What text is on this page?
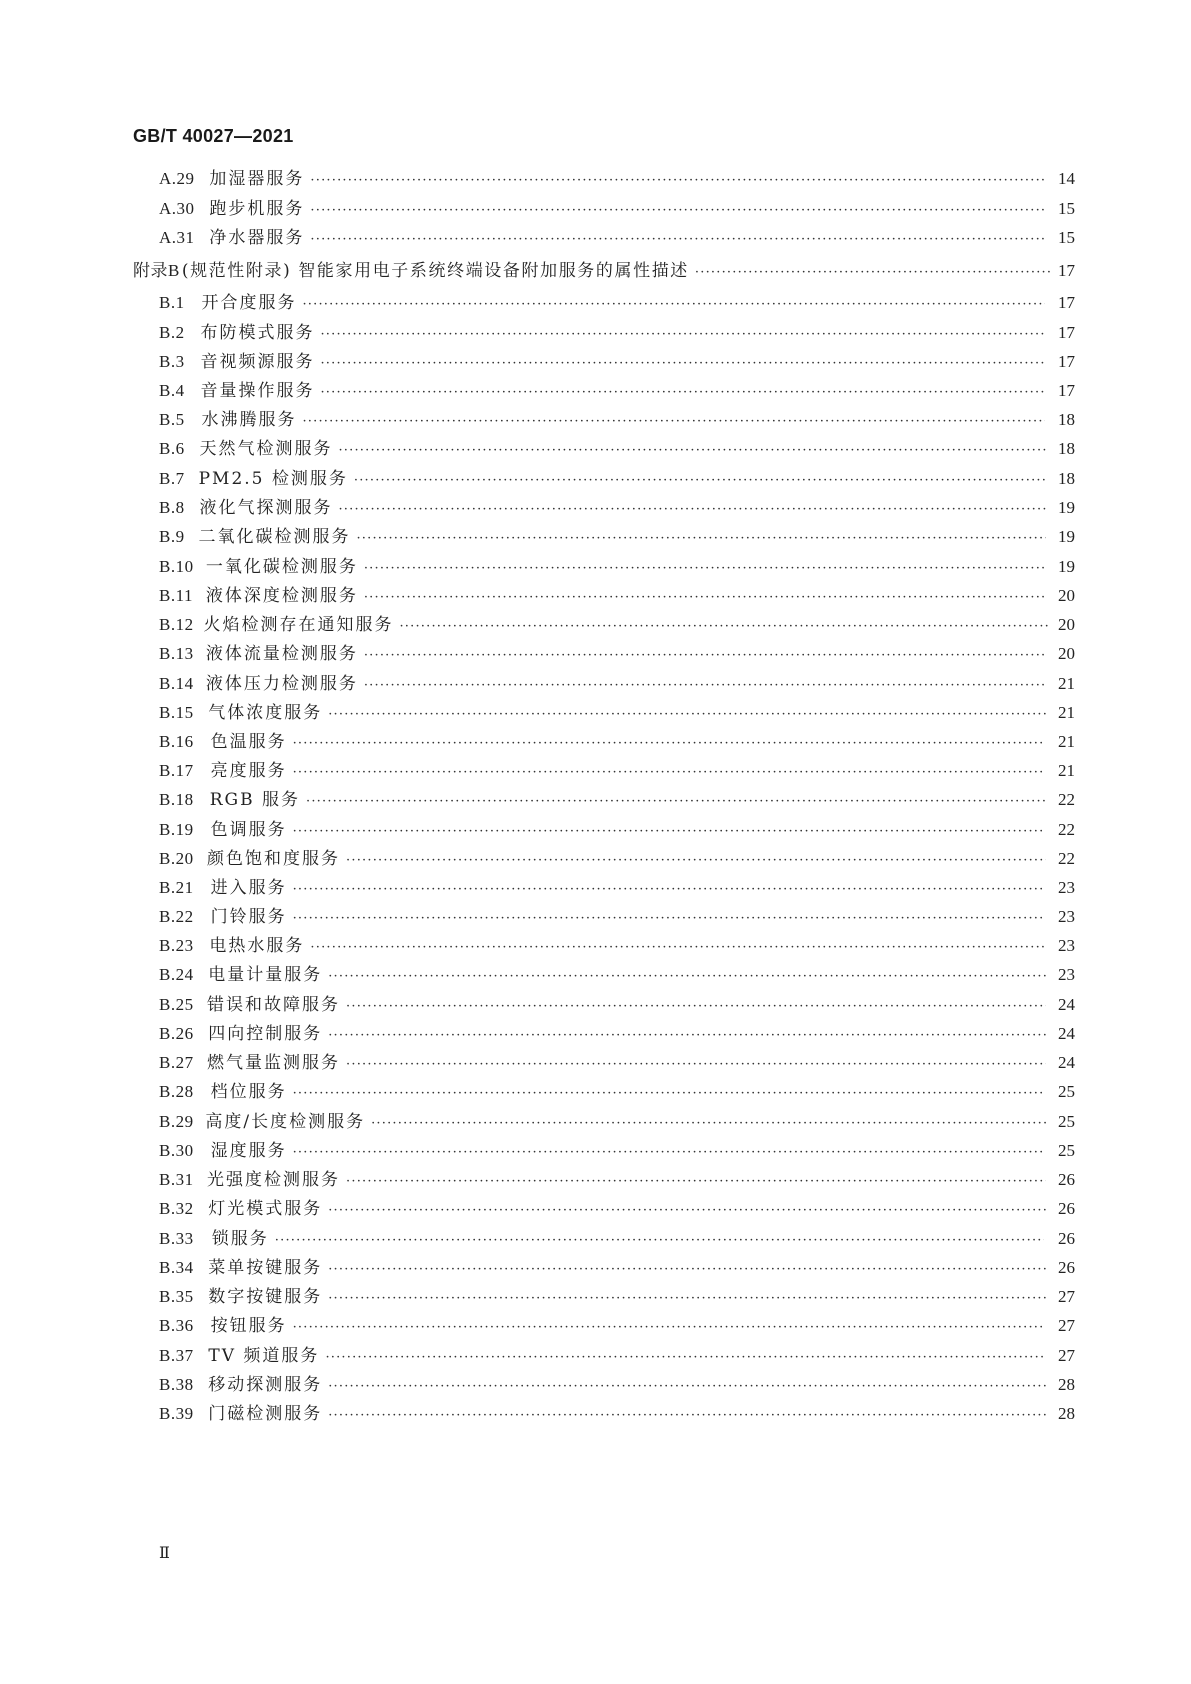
GB/T 40027—2021
A.29 加湿器服务 ·····	14
A.30 跑步机服务 ·····	15
A.31 净水器服务 ·····	15
附录B (规范性附录) 智能家用电子系统终端设备附加服务的属性描述 ·····	17
B.1 开合度服务 ·····	17
B.2 布防模式服务 ·····	17
B.3 音视频源服务 ·····	17
B.4 音量操作服务 ·····	17
B.5 水沸腾服务 ·····	18
B.6 天然气检测服务 ·····	18
B.7 PM2.5 检测服务 ·····	18
B.8 液化气探测服务 ·····	19
B.9 二氧化碳检测服务 ·····	19
B.10 一氧化碳检测服务 ·····	19
B.11 液体深度检测服务 ·····	20
B.12 火焰检测存在通知服务 ·····	20
B.13 液体流量检测服务 ·····	20
B.14 液体压力检测服务 ·····	21
B.15 气体浓度服务 ·····	21
B.16	色温服务 ·····	21
B.17	亮度服务 ·····	21
B.18 RGB 服务 ·····	22
B.19	色调服务 ·····	22
B.20 颜色饱和度服务 ·····	22
B.21	进入服务 ·····	23
B.22	门铃服务 ·····	23
B.23 电热水服务 ·····	23
B.24 电量计量服务 ·····	23
B.25 错误和故障服务 ·····	24
B.26 四向控制服务 ·····	24
B.27 燃气量监测服务 ·····	24
B.28	档位服务 ·····	25
B.29 高度/长度检测服务 ·····	25
B.30	湿度服务 ·····	25
B.31 光强度检测服务 ·····	26
B.32 灯光模式服务 ·····	26
B.33	锁服务 ·····	26
B.34 菜单按键服务 ·····	26
B.35 数字按键服务 ·····	27
B.36	按钮服务 ·····	27
B.37 TV 频道服务 ·····	27
B.38 移动探测服务 ·····	28
B.39 门磁检测服务 ·····	28
Ⅱ
